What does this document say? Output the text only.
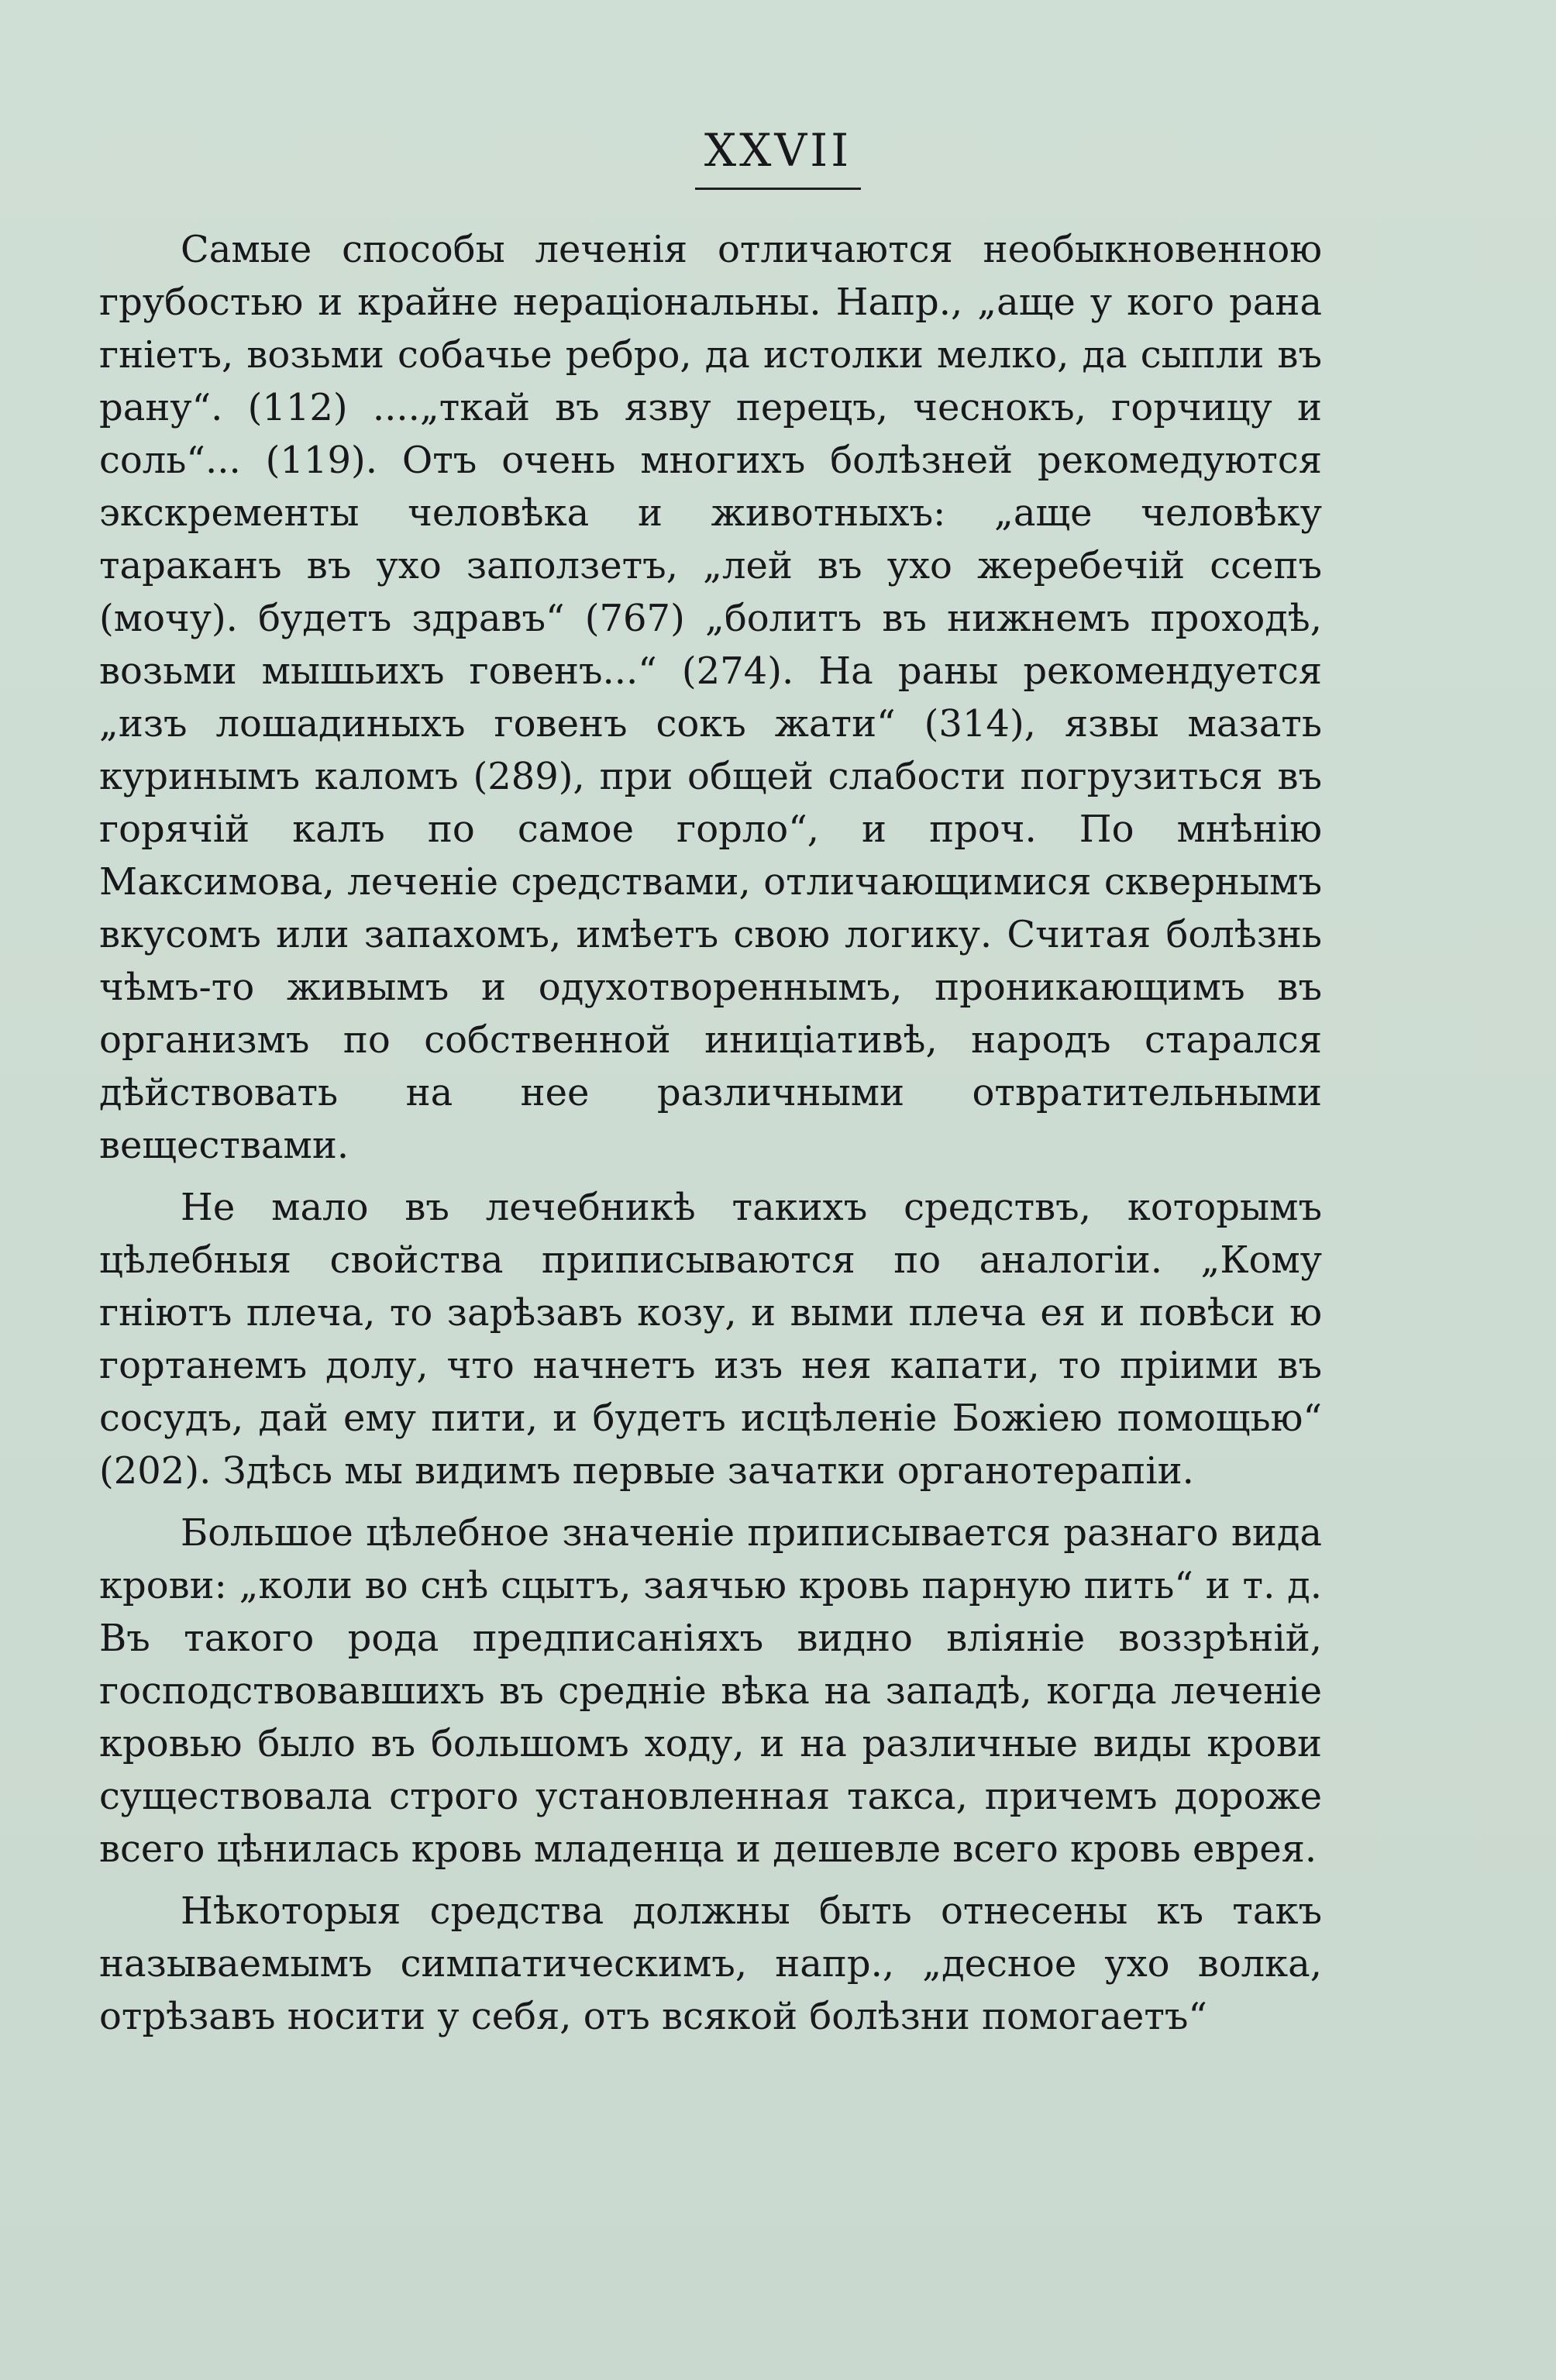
XXVII

Самые способы леченія отличаются необыкновенною грубостью и крайне нераціональны. Напр., „аще у кого рана гніетъ, возьми собачье ребро, да истолки мелко, да сыпли въ рану“. (112) ....„ткай въ язву перецъ, чеснокъ, горчицу и соль“... (119). Отъ очень многихъ болѣзней рекомедуются экскременты человѣка и животныхъ: „аще человѣку тараканъ въ ухо заползетъ, „лей въ ухо жеребечій ссепъ (мочу). будетъ здравъ“ (767) „болитъ въ нижнемъ проходѣ, возьми мышьихъ говенъ...“ (274). На раны рекомендуется „изъ лошадиныхъ говенъ сокъ жати“ (314), язвы мазать куринымъ каломъ (289), при общей слабости погрузиться въ горячій калъ по самое горло“, и проч. По мнѣнію Максимова, леченіе средствами, отличающимися сквернымъ вкусомъ или запахомъ, имѣетъ свою логику. Считая болѣзнь чѣмъ-то живымъ и одухотвореннымъ, проникающимъ въ организмъ по собственной иниціативѣ, народъ старался дѣйствовать на нее различными отвратительными веществами.

Не мало въ лечебникѣ такихъ средствъ, которымъ цѣлебныя свойства приписываются по аналогіи. „Кому гніютъ плеча, то зарѣзавъ козу, и выми плеча ея и повѣси ю гортанемъ долу, что начнетъ изъ нея капати, то пріими въ сосудъ, дай ему пити, и будетъ исцѣленіе Божіею помощью“ (202). Здѣсь мы видимъ первые зачатки органотерапіи.

Большое цѣлебное значеніе приписывается разнаго вида крови: „коли во снѣ сцытъ, заячью кровь парную пить“ и т. д. Въ такого рода предписаніяхъ видно вліяніе воззрѣній, господствовавшихъ въ средніе вѣка на западѣ, когда леченіе кровью было въ большомъ ходу, и на различные виды крови существовала строго установленная такса, причемъ дороже всего цѣнилась кровь младенца и дешевле всего кровь еврея.

Нѣкоторыя средства должны быть отнесены къ такъ называемымъ симпатическимъ, напр., „десное ухо волка, отрѣзавъ носити у себя, отъ всякой болѣзни помогаетъ“
